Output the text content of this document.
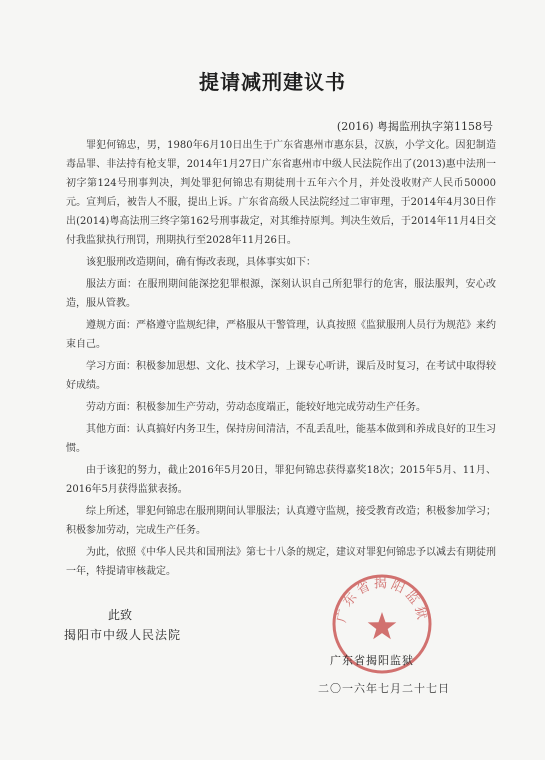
提请减刑建议书
(2016) 粤揭监刑执字第1158号

罪犯何锦忠，男，1980年6月10日出生于广东省惠州市惠东县，汉族，小学文化。因犯制造毒品罪、非法持有枪支罪，2014年1月27日广东省惠州市中级人民法院作出了(2013)惠中法刑一初字第124号刑事判决，判处罪犯何锦忠有期徒刑十五年六个月，并处没收财产人民币50000元。宣判后，被告人不服，提出上诉。广东省高级人民法院经过二审审理，于2014年4月30日作出(2014)粤高法刑三终字第162号刑事裁定，对其维持原判。判决生效后，于2014年11月4日交付我监狱执行刑罚，刑期执行至2028年11月26日。

该犯服刑改造期间，确有悔改表现，具体事实如下：

服法方面：在服刑期间能深挖犯罪根源，深刻认识自己所犯罪行的危害，服法服判，安心改造，服从管教。

遵规方面：严格遵守监规纪律，严格服从干警管理，认真按照《监狱服刑人员行为规范》来约束自己。

学习方面：积极参加思想、文化、技术学习，上课专心听讲，课后及时复习，在考试中取得较好成绩。

劳动方面：积极参加生产劳动，劳动态度端正，能较好地完成劳动生产任务。

其他方面：认真搞好内务卫生，保持房间清洁，不乱丢乱吐，能基本做到和养成良好的卫生习惯。

由于该犯的努力，截止2016年5月20日，罪犯何锦忠获得嘉奖18次；2015年5月、11月、2016年5月获得监狱表扬。

综上所述，罪犯何锦忠在服刑期间认罪服法；认真遵守监规，接受教育改造；积极参加学习；积极参加劳动，完成生产任务。

为此，依照《中华人民共和国刑法》第七十八条的规定，建议对罪犯何锦忠予以减去有期徒刑一年，特提请审核裁定。

此致
揭阳市中级人民法院
广东省揭阳监狱
广东省揭阳监狱
二〇一六年七月二十七日
